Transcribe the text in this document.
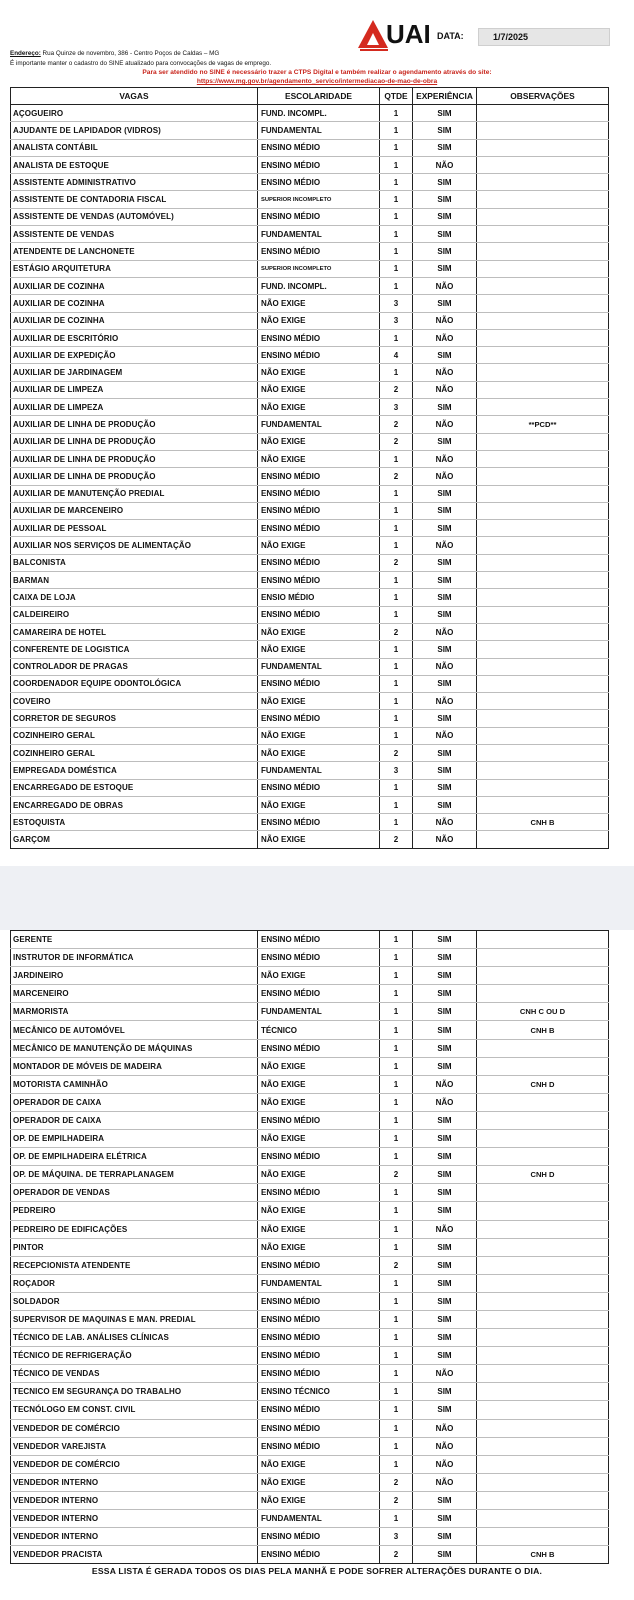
UAI DATA:	1/7/2025
Endereço: Rua Quinze de novembro, 386 - Centro Poços de Caldas – MG
É importante manter o cadastro do SINE atualizado para convocações de vagas de emprego.
Para ser atendido no SINE é necessário trazer a CTPS Digital e também realizar o agendamento através do site:
https://www.mg.gov.br/agendamento_servico/intermediacao-de-mao-de-obra
VAGAS	ESCOLARIDADE	QTDE	EXPERIÊNCIA	OBSERVAÇÕES
AÇOGUEIRO	FUND. INCOMPL.	1	SIM	
AJUDANTE DE LAPIDADOR (VIDROS)	FUNDAMENTAL	1	SIM	
ANALISTA CONTÁBIL	ENSINO MÉDIO	1	SIM	
ANALISTA DE ESTOQUE	ENSINO MÉDIO	1	NÃO	
ASSISTENTE ADMINISTRATIVO	ENSINO MÉDIO	1	SIM	
ASSISTENTE DE CONTADORIA FISCAL	SUPERIOR INCOMPLETO	1	SIM	
ASSISTENTE DE VENDAS (AUTOMÓVEL)	ENSINO MÉDIO	1	SIM	
ASSISTENTE DE VENDAS	FUNDAMENTAL	1	SIM	
ATENDENTE DE LANCHONETE	ENSINO MÉDIO	1	SIM	
ESTÁGIO ARQUITETURA	SUPERIOR INCOMPLETO	1	SIM	
AUXILIAR DE COZINHA	FUND. INCOMPL.	1	NÃO	
AUXILIAR DE COZINHA	NÃO EXIGE	3	SIM	
AUXILIAR DE COZINHA	NÃO EXIGE	3	NÃO	
AUXILIAR DE ESCRITÓRIO	ENSINO MÉDIO	1	NÃO	
AUXILIAR DE EXPEDIÇÃO	ENSINO MÉDIO	4	SIM	
AUXILIAR DE JARDINAGEM	NÃO EXIGE	1	NÃO	
AUXILIAR DE LIMPEZA	NÃO EXIGE	2	NÃO	
AUXILIAR DE LIMPEZA	NÃO EXIGE	3	SIM	
AUXILIAR DE LINHA DE PRODUÇÃO	FUNDAMENTAL	2	NÃO	**PCD**
AUXILIAR DE LINHA DE PRODUÇÃO	NÃO EXIGE	2	SIM	
AUXILIAR DE LINHA DE PRODUÇÃO	NÃO EXIGE	1	NÃO	
AUXILIAR DE LINHA DE PRODUÇÃO	ENSINO MÉDIO	2	NÃO	
AUXILIAR DE MANUTENÇÃO PREDIAL	ENSINO MÉDIO	1	SIM	
AUXILIAR DE MARCENEIRO	ENSINO MÉDIO	1	SIM	
AUXILIAR DE PESSOAL	ENSINO MÉDIO	1	SIM	
AUXILIAR NOS SERVIÇOS DE ALIMENTAÇÃO	NÃO EXIGE	1	NÃO	
BALCONISTA	ENSINO MÉDIO	2	SIM	
BARMAN	ENSINO MÉDIO	1	SIM	
CAIXA DE LOJA	ENSIO MÉDIO	1	SIM	
CALDEIREIRO	ENSINO MÉDIO	1	SIM	
CAMAREIRA DE HOTEL	NÃO EXIGE	2	NÃO	
CONFERENTE DE LOGISTICA	NÃO EXIGE	1	SIM	
CONTROLADOR DE PRAGAS	FUNDAMENTAL	1	NÃO	
COORDENADOR EQUIPE ODONTOLÓGICA	ENSINO MÉDIO	1	SIM	
COVEIRO	NÃO EXIGE	1	NÃO	
CORRETOR DE SEGUROS	ENSINO MÉDIO	1	SIM	
COZINHEIRO GERAL	NÃO EXIGE	1	NÃO	
COZINHEIRO GERAL	NÃO EXIGE	2	SIM	
EMPREGADA DOMÉSTICA	FUNDAMENTAL	3	SIM	
ENCARREGADO DE ESTOQUE	ENSINO MÉDIO	1	SIM	
ENCARREGADO DE OBRAS	NÃO EXIGE	1	SIM	
ESTOQUISTA	ENSINO MÉDIO	1	NÃO	CNH B
GARÇOM	NÃO EXIGE	2	NÃO	
GERENTE	ENSINO MÉDIO	1	SIM	
INSTRUTOR DE INFORMÁTICA	ENSINO MÉDIO	1	SIM	
JARDINEIRO	NÃO EXIGE	1	SIM	
MARCENEIRO	ENSINO MÉDIO	1	SIM	
MARMORISTA	FUNDAMENTAL	1	SIM	CNH C OU D
MECÂNICO DE AUTOMÓVEL	TÉCNICO	1	SIM	CNH B
MECÂNICO DE MANUTENÇÃO DE MÁQUINAS	ENSINO MÉDIO	1	SIM	
MONTADOR DE MÓVEIS DE MADEIRA	NÃO EXIGE	1	SIM	
MOTORISTA CAMINHÃO	NÃO EXIGE	1	NÃO	CNH D
OPERADOR DE CAIXA	NÃO EXIGE	1	NÃO	
OPERADOR DE CAIXA	ENSINO MÉDIO	1	SIM	
OP. DE EMPILHADEIRA	NÃO EXIGE	1	SIM	
OP. DE EMPILHADEIRA ELÉTRICA	ENSINO MÉDIO	1	SIM	
OP. DE MÁQUINA. DE TERRAPLANAGEM	NÃO EXIGE	2	SIM	CNH D
OPERADOR DE VENDAS	ENSINO MÉDIO	1	SIM	
PEDREIRO	NÃO EXIGE	1	SIM	
PEDREIRO DE EDIFICAÇÕES	NÃO EXIGE	1	NÃO	
PINTOR	NÃO EXIGE	1	SIM	
RECEPCIONISTA ATENDENTE	ENSINO MÉDIO	2	SIM	
ROÇADOR	FUNDAMENTAL	1	SIM	
SOLDADOR	ENSINO MÉDIO	1	SIM	
SUPERVISOR DE MAQUINAS E MAN. PREDIAL	ENSINO MÉDIO	1	SIM	
TÉCNICO DE LAB. ANÁLISES CLÍNICAS	ENSINO MÉDIO	1	SIM	
TÉCNICO DE REFRIGERAÇÃO	ENSINO MÉDIO	1	SIM	
TÉCNICO DE VENDAS	ENSINO MÉDIO	1	NÃO	
TECNICO EM SEGURANÇA DO TRABALHO	ENSINO TÉCNICO	1	SIM	
TECNÓLOGO EM CONST. CIVIL	ENSINO MÉDIO	1	SIM	
VENDEDOR DE COMÉRCIO	ENSINO MÉDIO	1	NÃO	
VENDEDOR VAREJISTA	ENSINO MÉDIO	1	NÃO	
VENDEDOR DE COMÉRCIO	NÃO EXIGE	1	NÃO	
VENDEDOR INTERNO	NÃO EXIGE	2	NÃO	
VENDEDOR INTERNO	NÃO EXIGE	2	SIM	
VENDEDOR INTERNO	FUNDAMENTAL	1	SIM	
VENDEDOR INTERNO	ENSINO MÉDIO	3	SIM	
VENDEDOR PRACISTA	ENSINO MÉDIO	2	SIM	CNH B
ESSA LISTA É GERADA TODOS OS DIAS PELA MANHÃ E PODE SOFRER ALTERAÇÕES DURANTE O DIA.
